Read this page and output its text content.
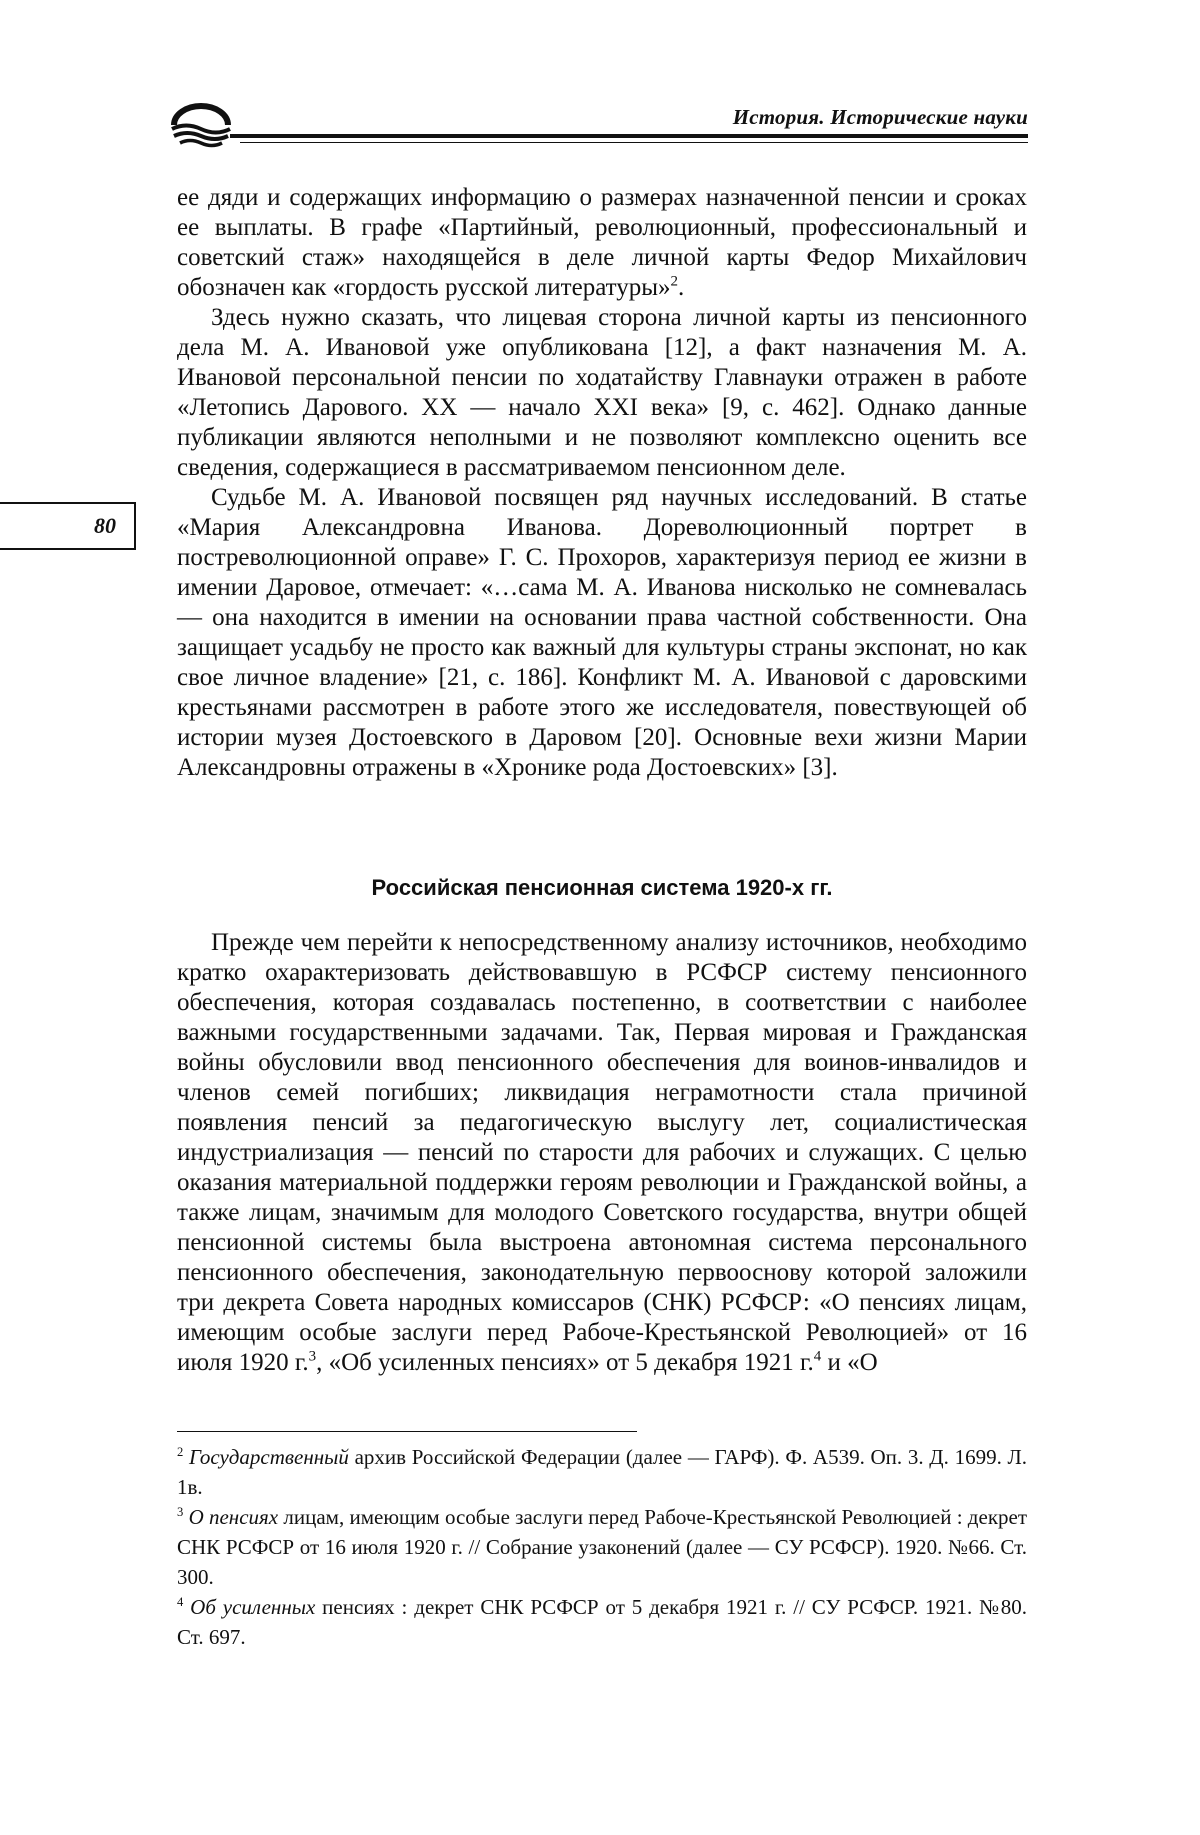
История. Исторические науки
80

ее дяди и содержащих информацию о размерах назначенной пенсии и сроках ее выплаты. В графе «Партийный, революционный, профессиональный и советский стаж» находящейся в деле личной карты Федор Михайлович обозначен как «гордость русской литературы»$^2$.

Здесь нужно сказать, что лицевая сторона личной карты из пенсионного дела М. А. Ивановой уже опубликована [12], а факт назначения М. А. Ивановой персональной пенсии по ходатайству Главнауки отражен в работе «Летопись Дарового. XX — начало XXI века» [9, с. 462]. Однако данные публикации являются неполными и не позволяют комплексно оценить все сведения, содержащиеся в рассматриваемом пенсионном деле.

Судьбе М. А. Ивановой посвящен ряд научных исследований. В статье «Мария Александровна Иванова. Дореволюционный портрет в постреволюционной оправе» Г. С. Прохоров, характеризуя период ее жизни в имении Даровое, отмечает: «…сама М. А. Иванова нисколько не сомневалась — она находится в имении на основании права частной собственности. Она защищает усадьбу не просто как важный для культуры страны экспонат, но как свое личное владение» [21, с. 186]. Конфликт М. А. Ивановой с даровскими крестьянами рассмотрен в работе этого же исследователя, повествующей об истории музея Достоевского в Даровом [20]. Основные вехи жизни Марии Александровны отражены в «Хронике рода Достоевских» [3].

Российская пенсионная система 1920-х гг.

Прежде чем перейти к непосредственному анализу источников, необходимо кратко охарактеризовать действовавшую в РСФСР систему пенсионного обеспечения, которая создавалась постепенно, в соответствии с наиболее важными государственными задачами. Так, Первая мировая и Гражданская войны обусловили ввод пенсионного обеспечения для воинов-инвалидов и членов семей погибших; ликвидация неграмотности стала причиной появления пенсий за педагогическую выслугу лет, социалистическая индустриализация — пенсий по старости для рабочих и служащих. С целью оказания материальной поддержки героям революции и Гражданской войны, а также лицам, значимым для молодого Советского государства, внутри общей пенсионной системы была выстроена автономная система персонального пенсионного обеспечения, законодательную первооснову которой заложили три декрета Совета народных комиссаров (СНК) РСФСР: «О пенсиях лицам, имеющим особые заслуги перед Рабоче-Крестьянской Революцией» от 16 июля 1920 г.$^3$, «Об усиленных пенсиях» от 5 декабря 1921 г.$^4$ и «О

$^2$ Государственный архив Российской Федерации (далее — ГАРФ). Ф. А539. Оп. 3. Д. 1699. Л. 1в.

$^3$ О пенсиях лицам, имеющим особые заслуги перед Рабоче-Крестьянской Революцией : декрет СНК РСФСР от 16 июля 1920 г. // Собрание узаконений (далее — СУ РСФСР). 1920. №66. Ст. 300.

$^4$ Об усиленных пенсиях : декрет СНК РСФСР от 5 декабря 1921 г. // СУ РСФСР. 1921. №80. Ст. 697.
